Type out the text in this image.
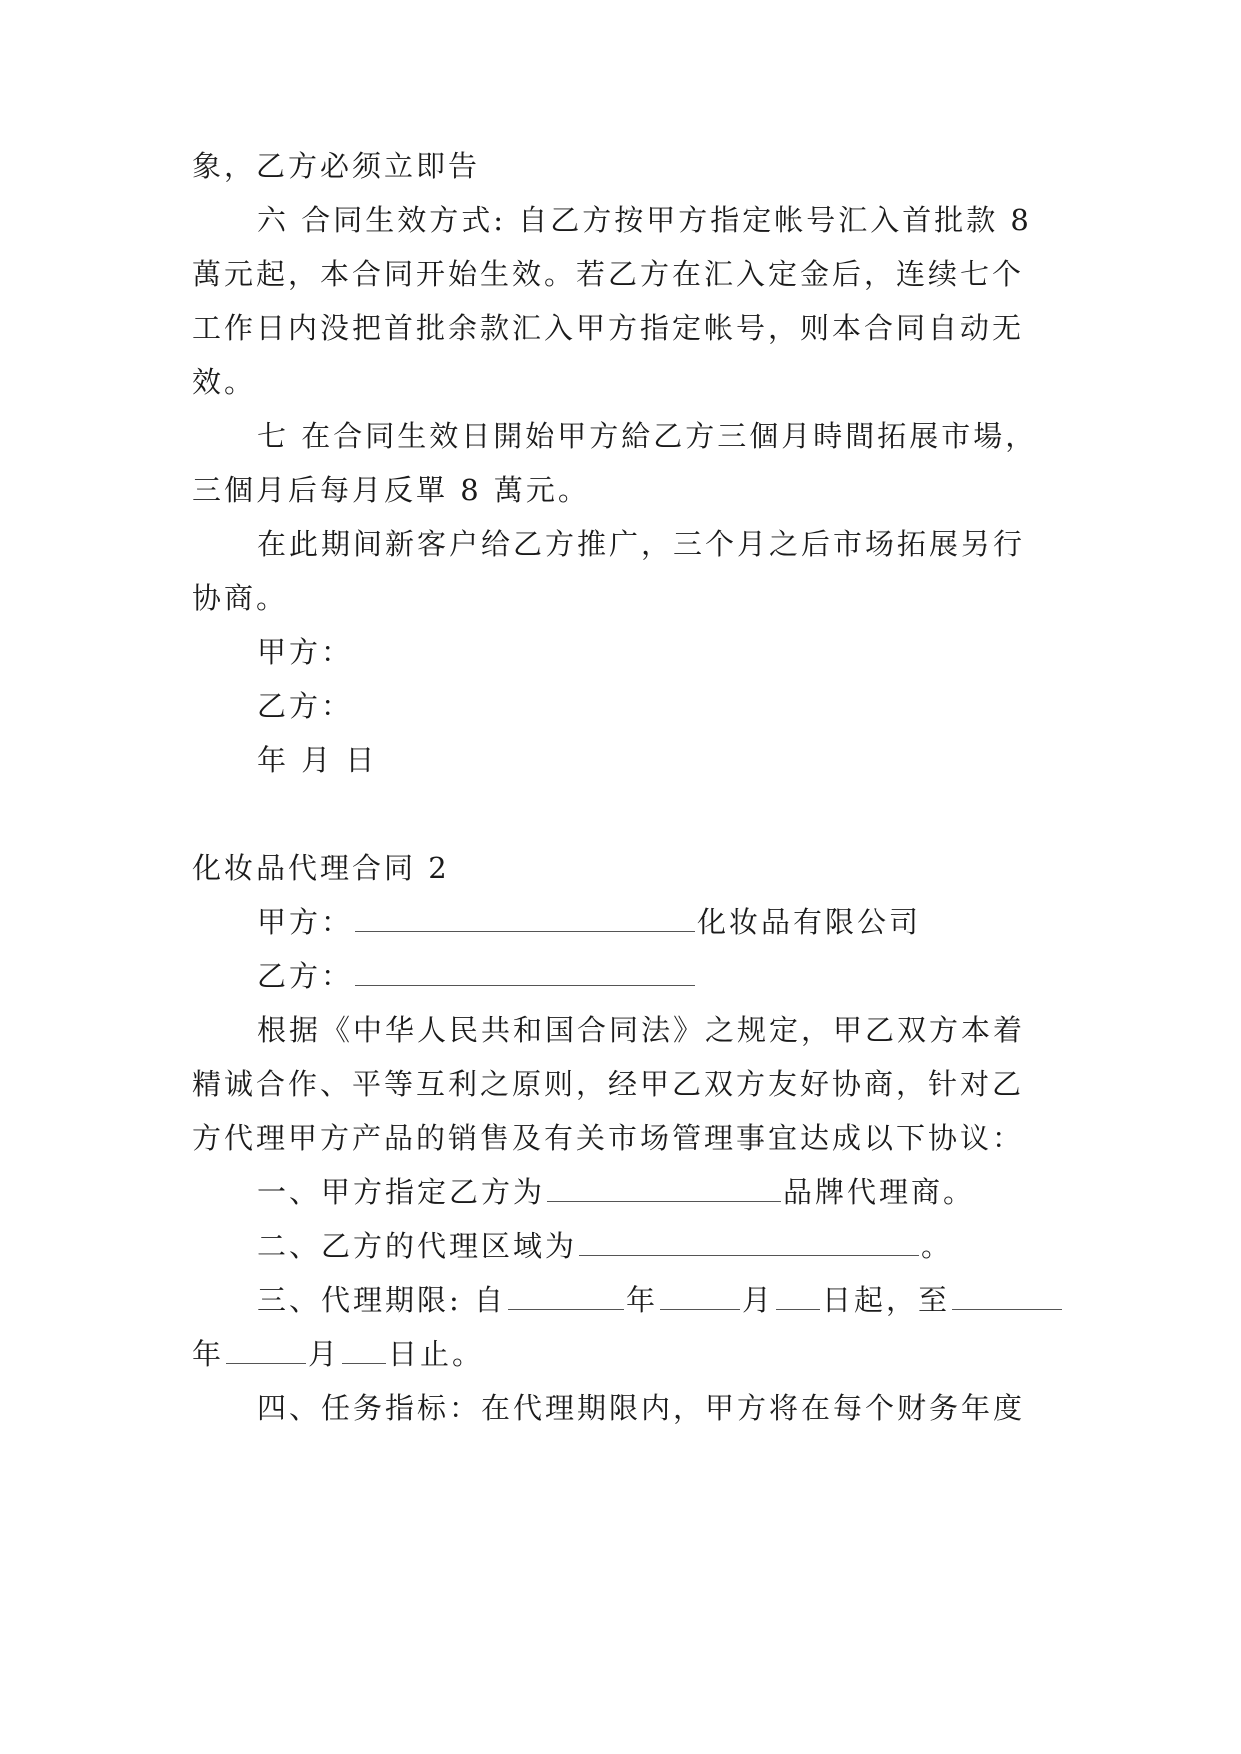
象，乙方必须立即告
六 合同生效方式: 自乙方按甲方指定帐号汇入首批款 8
萬元起，本合同开始生效。若乙方在汇入定金后，连续七个
工作日内没把首批余款汇入甲方指定帐号，则本合同自动无
效。
七 在合同生效日開始甲方給乙方三個月時間拓展市場，
三個月后每月反單 8 萬元。
在此期间新客户给乙方推广，三个月之后市场拓展另行
协商。
甲方：
乙方：
年 月 日
化妆品代理合同 2
甲方：	化妆品有限公司
乙方：
根据《中华人民共和国合同法》之规定，甲乙双方本着
精诚合作、平等互利之原则，经甲乙双方友好协商，针对乙
方代理甲方产品的销售及有关市场管理事宜达成以下协议：
一、甲方指定乙方为	品牌代理商。
二、乙方的代理区域为	。
三、代理期限: 自	年	月 日起，至
年	月 日止。
四、任务指标：在代理期限内，甲方将在每个财务年度
